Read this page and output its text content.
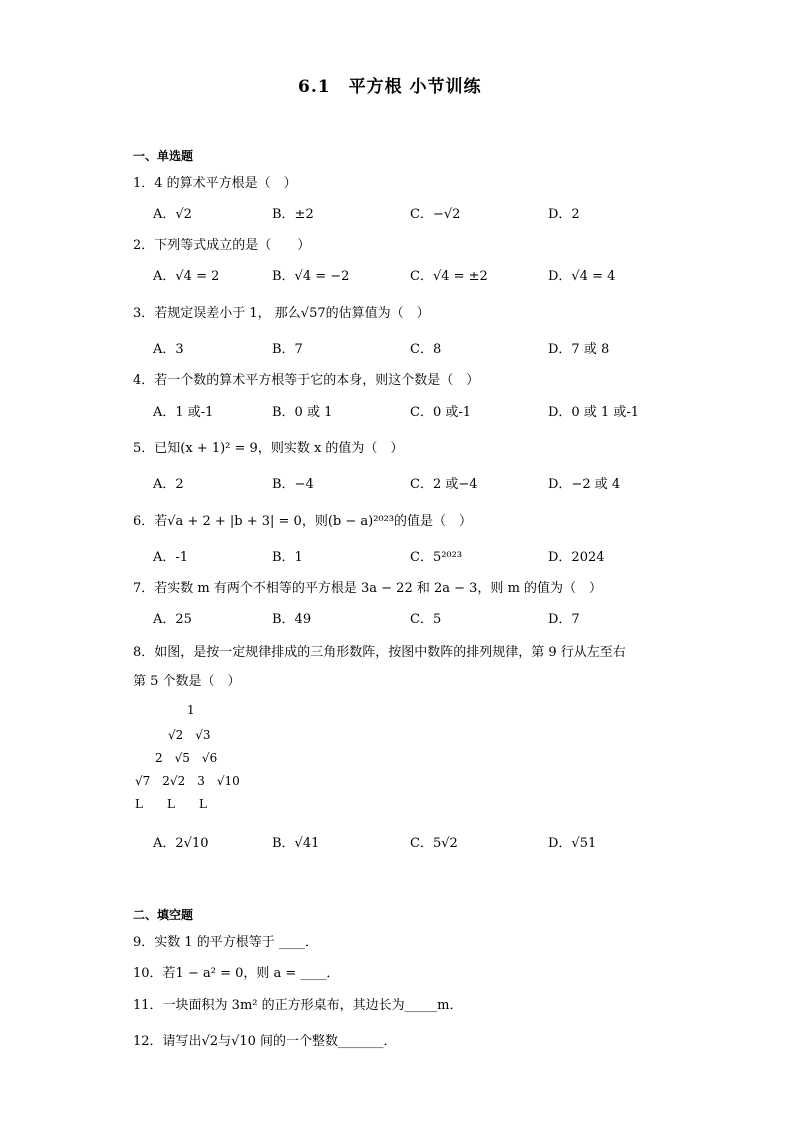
6.1　平方根 小节训练
一、单选题
1．4 的算术平方根是（　）
A．√2	B．±2	C．−√2	D．2
2．下列等式成立的是（　　）
A．√4 = 2	B．√4 = −2	C．√4 = ±2	D．√4 = 4
3．若规定误差小于 1， 那么√57的估算值为（　）
A．3	B．7	C．8	D．7 或 8
4．若一个数的算术平方根等于它的本身，则这个数是（　）
A．1 或-1	B．0 或 1	C．0 或-1	D．0 或 1 或-1
5．已知(x + 1)² = 9，则实数 x 的值为（　）
A．2	B．−4	C．2 或−4	D．−2 或 4
6．若√a + 2 + |b + 3| = 0，则(b − a)²⁰²³的值是（　）
A．-1	B．1	C．5²⁰²³	D．2024
7．若实数 m 有两个不相等的平方根是 3a − 22 和 2a − 3，则 m 的值为（　）
A．25	B．49	C．5	D．7
8．如图，是按一定规律排成的三角形数阵，按图中数阵的排列规律，第 9 行从左至右
第 5 个数是（　）
1
√2　√3
2　√5　√6
√7　2√2　3　√10
L　　L　　L
A．2√10	B．√41	C．5√2	D．√51
二、填空题
9．实数 1 的平方根等于 ____．
10．若1 − a² = 0，则 a = ____．
11．一块面积为 3m² 的正方形桌布，其边长为_____m．
12．请写出√2与√10 间的一个整数_______．
